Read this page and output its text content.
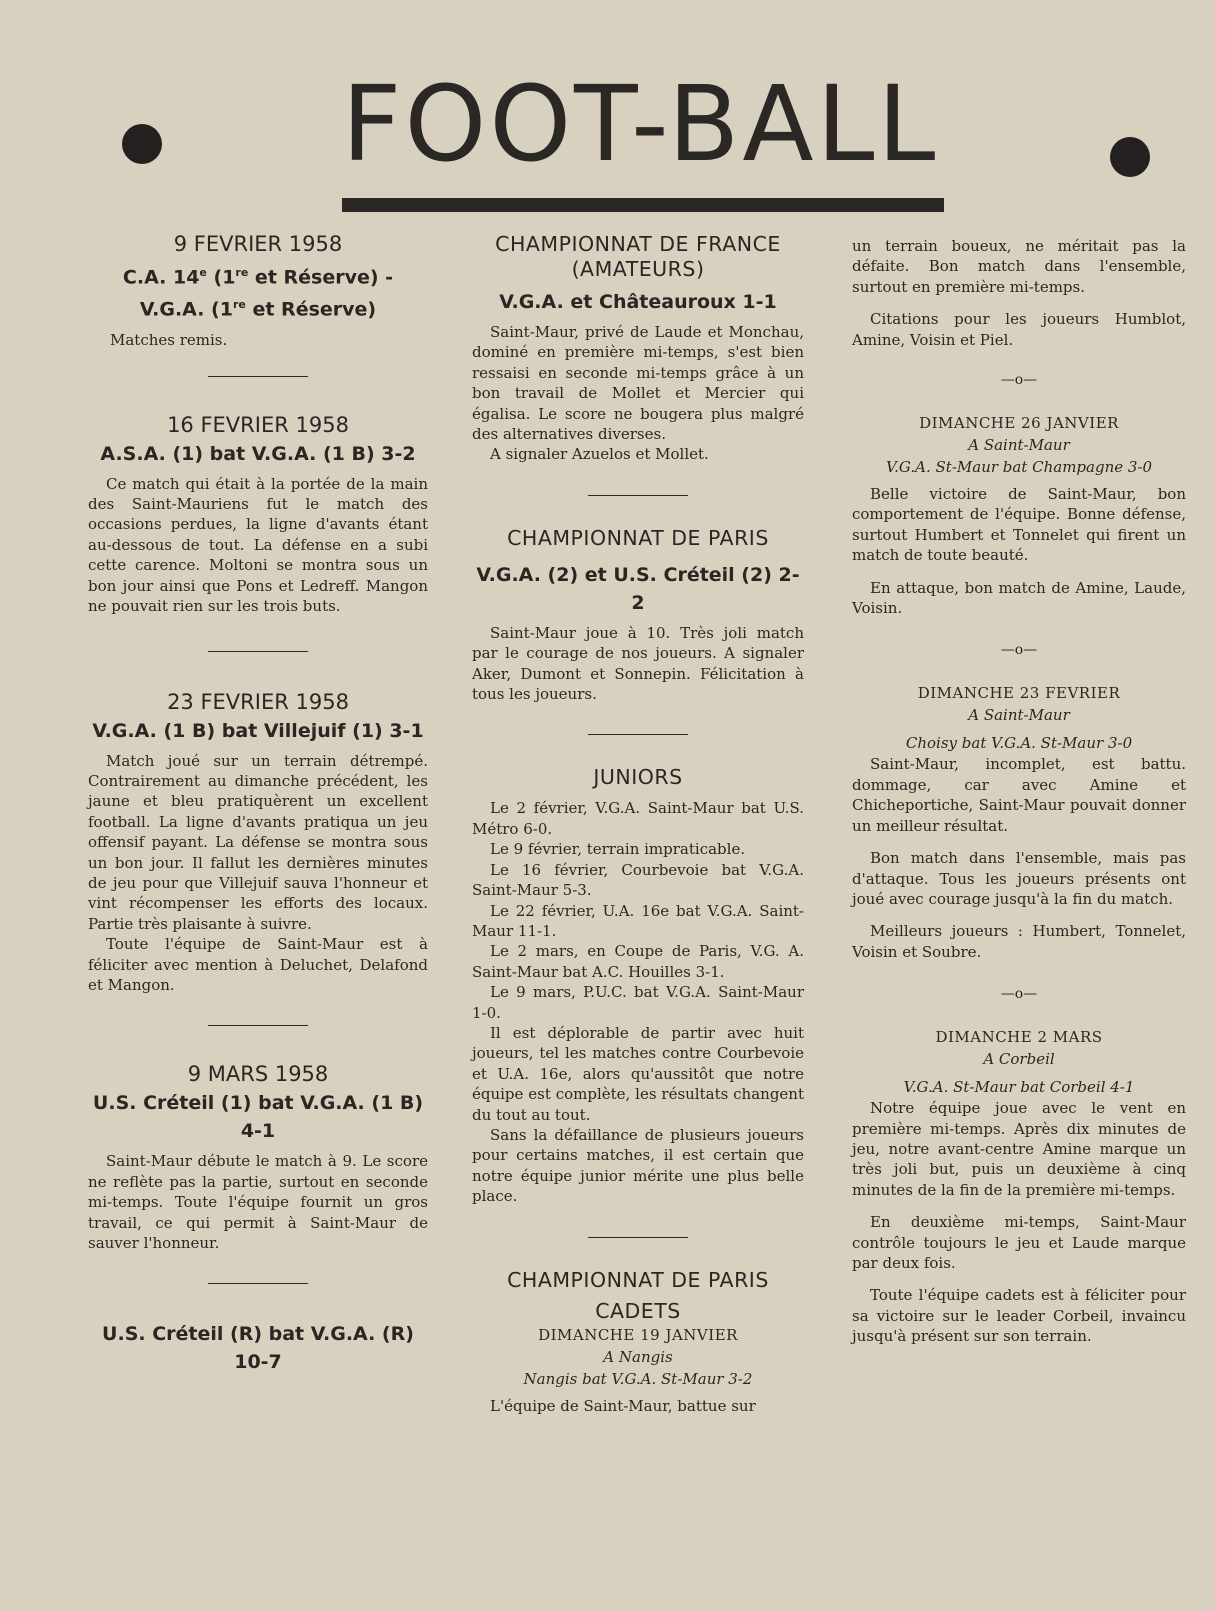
FOOT-BALL

9 FEVRIER 1958

C.A. 14e (1re et Réserve) -

V.G.A. (1re et Réserve)

Matches remis.

16 FEVRIER 1958

A.S.A. (1) bat V.G.A. (1 B) 3-2

Ce match qui était à la portée de la main des Saint-Mauriens fut le match des occasions perdues, la ligne d'avants étant au-dessous de tout. La défense en a subi cette carence. Moltoni se montra sous un bon jour ainsi que Pons et Ledreff. Mangon ne pouvait rien sur les trois buts.

23 FEVRIER 1958

V.G.A. (1 B) bat Villejuif (1) 3-1

Match joué sur un terrain détrempé. Contrairement au dimanche précédent, les jaune et bleu pratiquèrent un excellent football. La ligne d'avants pratiqua un jeu offensif payant. La défense se montra sous un bon jour. Il fallut les dernières minutes de jeu pour que Villejuif sauva l'honneur et vint récompenser les efforts des locaux. Partie très plaisante à suivre.

Toute l'équipe de Saint-Maur est à féliciter avec mention à Deluchet, Delafond et Mangon.

9 MARS 1958

U.S. Créteil (1) bat V.G.A. (1 B) 4-1

Saint-Maur débute le match à 9. Le score ne reflète pas la partie, surtout en seconde mi-temps. Toute l'équipe fournit un gros travail, ce qui permit à Saint-Maur de sauver l'honneur.

U.S. Créteil (R) bat V.G.A. (R) 10-7

CHAMPIONNAT DE FRANCE (AMATEURS)

V.G.A. et Châteauroux 1-1

Saint-Maur, privé de Laude et Monchau, dominé en première mi-temps, s'est bien ressaisi en seconde mi-temps grâce à un bon travail de Mollet et Mercier qui égalisa. Le score ne bougera plus malgré des alternatives diverses.

A signaler Azuelos et Mollet.

CHAMPIONNAT DE PARIS

V.G.A. (2) et U.S. Créteil (2) 2-2

Saint-Maur joue à 10. Très joli match par le courage de nos joueurs. A signaler Aker, Dumont et Sonnepin. Félicitation à tous les joueurs.

JUNIORS

Le 2 février, V.G.A. Saint-Maur bat U.S. Métro 6-0.

Le 9 février, terrain impraticable.

Le 16 février, Courbevoie bat V.G.A. Saint-Maur 5-3.

Le 22 février, U.A. 16e bat V.G.A. Saint-Maur 11-1.

Le 2 mars, en Coupe de Paris, V.G. A. Saint-Maur bat A.C. Houilles 3-1.

Le 9 mars, P.U.C. bat V.G.A. Saint-Maur 1-0.

Il est déplorable de partir avec huit joueurs, tel les matches contre Courbevoie et U.A. 16e, alors qu'aussitôt que notre équipe est complète, les résultats changent du tout au tout.

Sans la défaillance de plusieurs joueurs pour certains matches, il est certain que notre équipe junior mérite une plus belle place.

CHAMPIONNAT DE PARIS

CADETS

DIMANCHE 19 JANVIER

A Nangis

Nangis bat V.G.A. St-Maur 3-2

L'équipe de Saint-Maur, battue sur

un terrain boueux, ne méritait pas la défaite. Bon match dans l'ensemble, surtout en première mi-temps.

Citations pour les joueurs Humblot, Amine, Voisin et Piel.

—o—

DIMANCHE 26 JANVIER

A Saint-Maur

V.G.A. St-Maur bat Champagne 3-0

Belle victoire de Saint-Maur, bon comportement de l'équipe. Bonne défense, surtout Humbert et Tonnelet qui firent un match de toute beauté.

En attaque, bon match de Amine, Laude, Voisin.

—o—

DIMANCHE 23 FEVRIER

A Saint-Maur

Choisy bat V.G.A. St-Maur 3-0

Saint-Maur, incomplet, est battu. dommage, car avec Amine et Chicheportiche, Saint-Maur pouvait donner un meilleur résultat.

Bon match dans l'ensemble, mais pas d'attaque. Tous les joueurs présents ont joué avec courage jusqu'à la fin du match.

Meilleurs joueurs : Humbert, Tonnelet, Voisin et Soubre.

—o—

DIMANCHE 2 MARS

A Corbeil

V.G.A. St-Maur bat Corbeil 4-1

Notre équipe joue avec le vent en première mi-temps. Après dix minutes de jeu, notre avant-centre Amine marque un très joli but, puis un deuxième à cinq minutes de la fin de la première mi-temps.

En deuxième mi-temps, Saint-Maur contrôle toujours le jeu et Laude marque par deux fois.

Toute l'équipe cadets est à féliciter pour sa victoire sur le leader Corbeil, invaincu jusqu'à présent sur son terrain.
